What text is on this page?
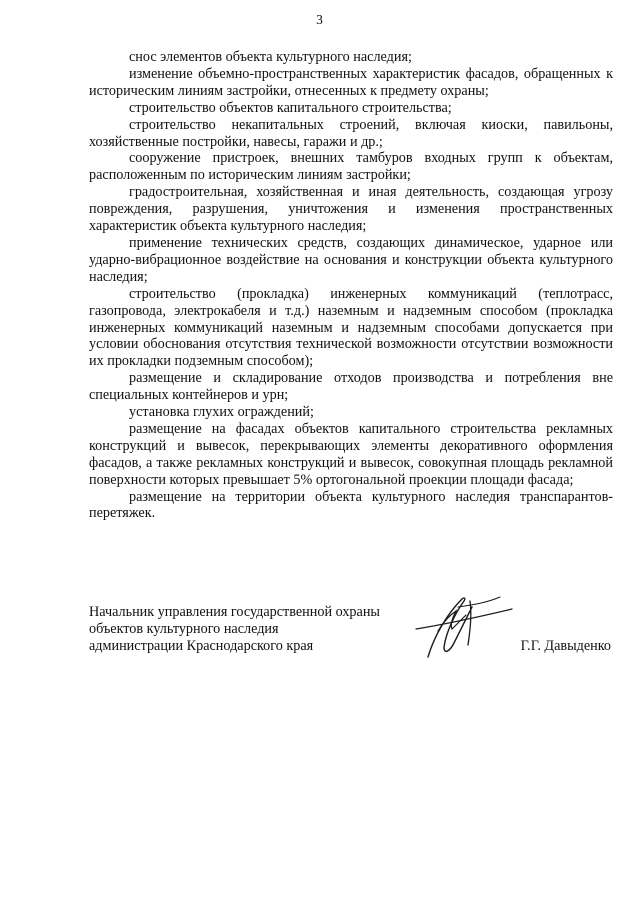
3

снос элементов объекта культурного наследия;

изменение объемно-пространственных характеристик фасадов, обращенных к историческим линиям застройки, отнесенных к предмету охраны;

строительство объектов капитального строительства;

строительство некапитальных строений, включая киоски, павильоны, хозяйственные постройки, навесы, гаражи и др.;

сооружение пристроек, внешних тамбуров входных групп к объектам, расположенным по историческим линиям застройки;

градостроительная, хозяйственная и иная деятельность, создающая угрозу повреждения, разрушения, уничтожения и изменения пространственных характеристик объекта культурного наследия;

применение технических средств, создающих динамическое, ударное или ударно-вибрационное воздействие на основания и конструкции объекта культурного наследия;

строительство (прокладка) инженерных коммуникаций (теплотрасс, газопровода, электрокабеля и т.д.) наземным и надземным способом (прокладка инженерных коммуникаций наземным и надземным способами допускается при условии обоснования отсутствия технической возможности отсутствии возможности их прокладки подземным способом);

размещение и складирование отходов производства и потребления вне специальных контейнеров и урн;

установка глухих ограждений;

размещение на фасадах объектов капитального строительства рекламных конструкций и вывесок, перекрывающих элементы декоративного оформления фасадов, а также рекламных конструкций и вывесок, совокупная площадь рекламной поверхности которых превышает 5% ортогональной проекции площади фасада;

размещение на территории объекта культурного наследия транспарантов-перетяжек.

Начальник управления государственной охраны
объектов культурного наследия
администрации Краснодарского края	Г.Г. Давыденко
